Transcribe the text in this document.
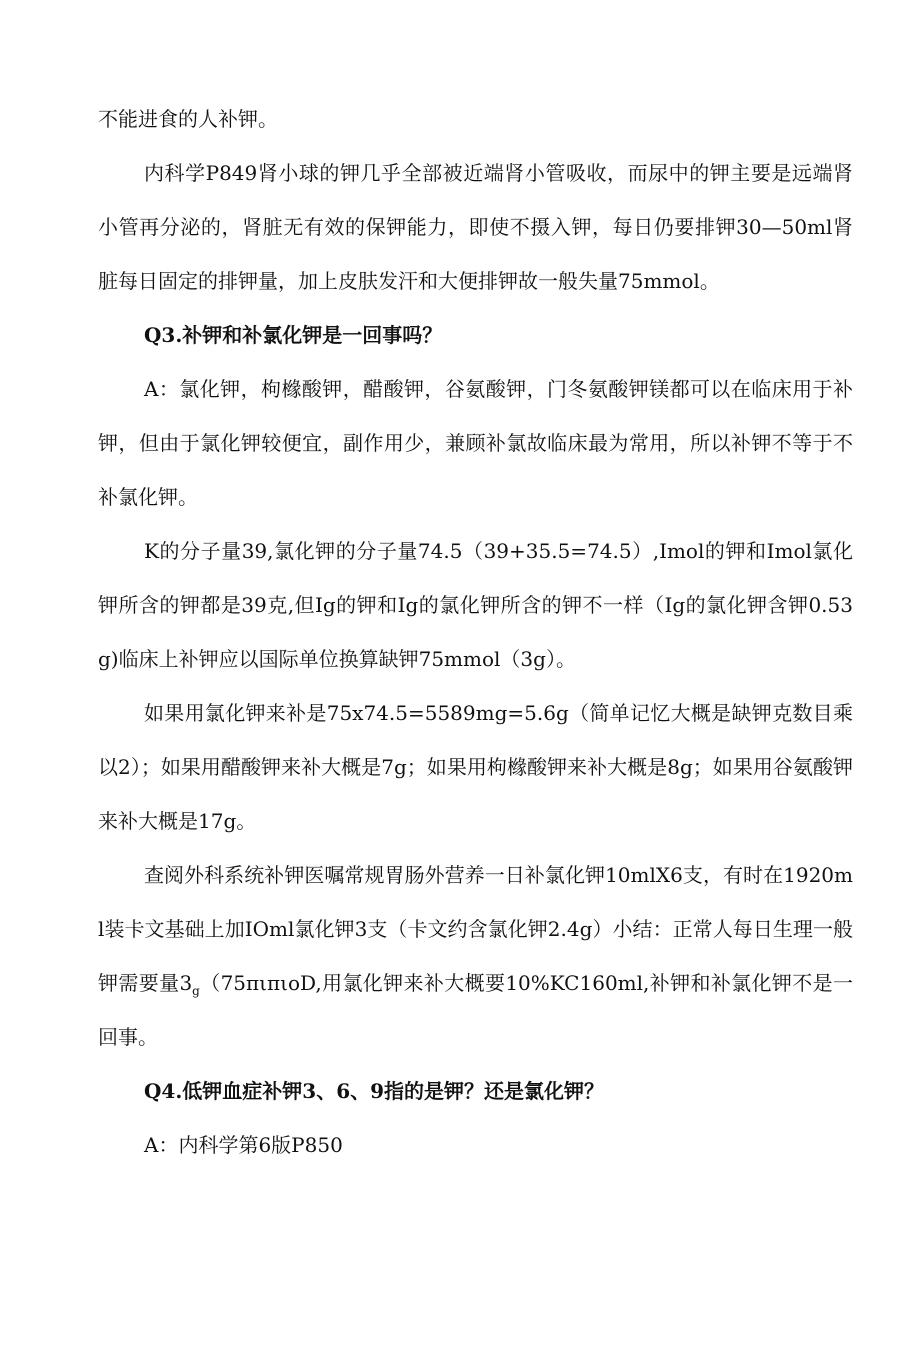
不能进食的人补钾。

内科学P849肾小球的钾几乎全部被近端肾小管吸收，而尿中的钾主要是远端肾小管再分泌的，肾脏无有效的保钾能力，即使不摄入钾，每日仍要排钾30—50ml肾脏每日固定的排钾量，加上皮肤发汗和大便排钾故一般失量75mmol。

Q3.补钾和补氯化钾是一回事吗？

A：氯化钾，枸橼酸钾，醋酸钾，谷氨酸钾，门冬氨酸钾镁都可以在临床用于补钾，但由于氯化钾较便宜，副作用少，兼顾补氯故临床最为常用，所以补钾不等于不补氯化钾。

K的分子量39,氯化钾的分子量74.5（39+35.5=74.5）,Imol的钾和Imol氯化钾所含的钾都是39克,但Ig的钾和Ig的氯化钾所含的钾不一样（Ig的氯化钾含钾0.53g)临床上补钾应以国际单位换算缺钾75mmol（3g）。

如果用氯化钾来补是75x74.5=5589mg=5.6g（简单记忆大概是缺钾克数目乘以2）；如果用醋酸钾来补大概是7g；如果用枸橼酸钾来补大概是8g；如果用谷氨酸钾来补大概是17g。

查阅外科系统补钾医嘱常规胃肠外营养一日补氯化钾10mlX6支，有时在1920ml装卡文基础上加IOml氯化钾3支（卡文约含氯化钾2.4g）小结：正常人每日生理一般钾需要量$3_g(75\pi\iota\pi\iota oD$,用氯化钾来补大概要10%KC160ml,补钾和补氯化钾不是一回事。

Q4.低钾血症补钾3、6、9指的是钾？还是氯化钾？

A：内科学第6版P850
